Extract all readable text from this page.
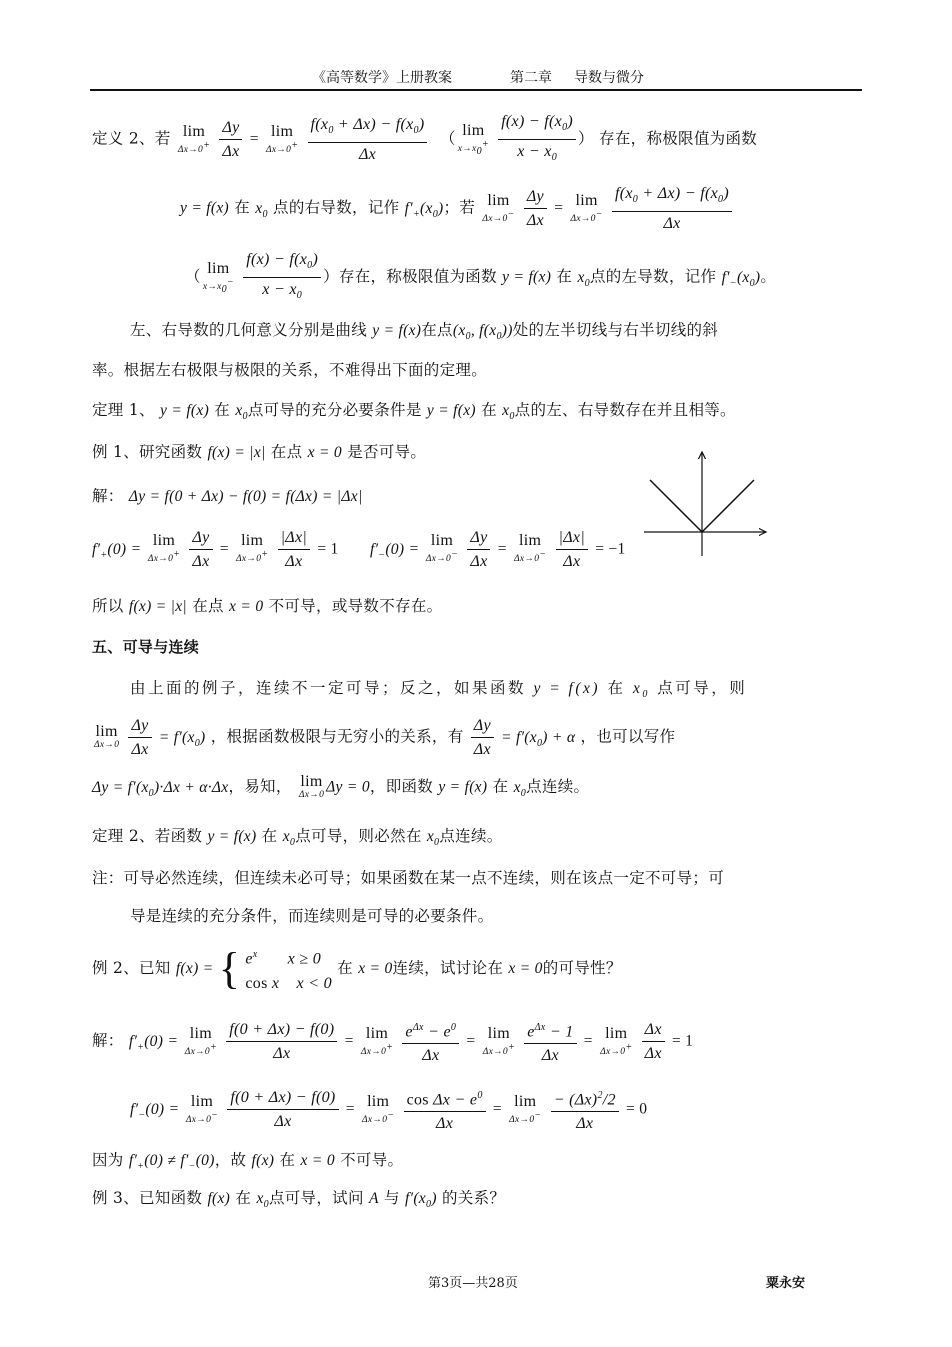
《高等数学》上册教案	第二章 导数与微分
定义 2、若 lim
Δx→0+
$\frac{\Delta y}{\Delta x} = \lim$
Δx→0+
$\frac{f(x_0 + \Delta x) - f(x_0)}{\Delta x}$ （ lim
$x\to x_0^+$
$\frac{f(x) - f(x_0)}{x - x_0}$ ） 存在，称极限值为函数
y = f(x) 在 $x_0$ 点的右导数，记作 $f'_+(x_0)$；若 lim
Δx→0−
$\frac{\Delta y}{\Delta x} = \lim$
Δx→0−
$\frac{f(x_0 + \Delta x) - f(x_0)}{\Delta x}$
（ lim
$x\to x_0^-$
$\frac{f(x) - f(x_0)}{x - x_0}$ ）存在，称极限值为函数 y = f(x) 在 $x_0$点的左导数，记作 $f'_-(x_0)$。
左、右导数的几何意义分别是曲线 y = f(x)在点($x_0$, $f(x_0)$)处的左半切线与右半切线的斜
率。根据左右极限与极限的关系，不难得出下面的定理。
定理 1、 y = f(x) 在 $x_0$点可导的充分必要条件是 y = f(x) 在 $x_0$点的左、右导数存在并且相等。
例 1、研究函数 f(x) = |x| 在点 x = 0 是否可导。
解： Δy = f(0 + Δx) − f(0) = f(Δx) = |Δx|
$f'_+(0) = \lim$
Δx→0+
$\frac{\Delta y}{\Delta x} = \lim$
Δx→0+
$\frac{|\Delta x|}{\Delta x} = 1$ $f'_-(0) = \lim$
Δx→0−
$\frac{\Delta y}{\Delta x} = \lim$
Δx→0−
$\frac{|\Delta x|}{\Delta x} = -1$
所以 f(x) = |x| 在点 x = 0 不可导，或导数不存在。
五、可导与连续
由上面的例子，连续不一定可导；反之，如果函数 y = f(x) 在 $x_0$ 点可导，则
lim
Δx→0
$\frac{\Delta y}{\Delta x} = f'(x_0)$ ，根据函数极限与无穷小的关系，有 $\frac{\Delta y}{\Delta x} = f'(x_0) + \alpha$ ，也可以写作
$\Delta y = f'(x_0)\cdot\Delta x + \alpha\cdot\Delta x$，易知， lim
Δx→0 Δy = 0，即函数 y = f(x) 在 $x_0$点连续。
定理 2、若函数 y = f(x) 在 $x_0$点可导，则必然在 $x_0$点连续。
注：可导必然连续，但连续未必可导；如果函数在某一点不连续，则在该点一定不可导；可
导是连续的充分条件，而连续则是可导的必要条件。
例 2、已知 f(x) = { $e^x$       x ≥ 0
cos x    x < 0 在 x = 0连续，试讨论在 x = 0的可导性？
解： $f'_+(0) = \lim$
Δx→0+
$\frac{f(0 + \Delta x) - f(0)}{\Delta x} = \lim$
Δx→0+
$\frac{e^{\Delta x} - e^0}{\Delta x} = \lim$
Δx→0+
$\frac{e^{\Delta x} - 1}{\Delta x} = \lim$
Δx→0+
$\frac{\Delta x}{\Delta x} = 1$
$f'_-(0) = \lim$
Δx→0−
$\frac{f(0 + \Delta x) - f(0)}{\Delta x} = \lim$
Δx→0−
$\frac{\cos \Delta x - e^0}{\Delta x} = \lim$
Δx→0−
$\frac{- (\Delta x)^2/2}{\Delta x} = 0$
因为 $f'_+(0) \ne f'_-(0)$，故 f(x) 在 x = 0 不可导。
例 3、已知函数 f(x) 在 $x_0$点可导，试问 A 与 $f'(x_0)$ 的关系？
第3页—共28页	粟永安
